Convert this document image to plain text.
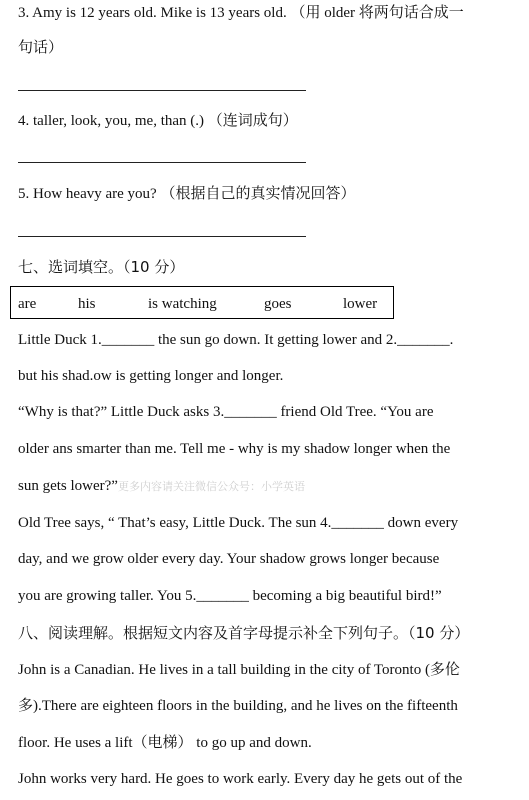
3. Amy is 12 years old. Mike is 13 years old. （用 older 将两句话合成一
句话）
4. taller, look, you, me, than (.) （连词成句）
5. How heavy are you? （根据自己的真实情况回答）
七、选词填空。（10 分）
are	his	is watching	goes	lower
Little Duck 1._______ the sun go down. It getting lower and 2._______.
but his shad.ow is getting longer and longer.
“Why is that?” Little Duck asks 3._______ friend Old Tree. “You are
older ans smarter than me. Tell me - why is my shadow longer when the
sun gets lower?”更多内容请关注微信公众号：小学英语
Old Tree says, “ That’s easy, Little Duck. The sun 4._______ down every
day, and we grow older every day. Your shadow grows longer because
you are growing taller. You 5._______ becoming a big beautiful bird!”
八、阅读理解。根据短文内容及首字母提示补全下列句子。（10 分）
John is a Canadian. He lives in a tall building in the city of Toronto (多伦
多).There are eighteen floors in the building, and he lives on the fifteenth
floor. He uses a lift（电梯） to go up and down.
John works very hard. He goes to work early. Every day he gets out of the
